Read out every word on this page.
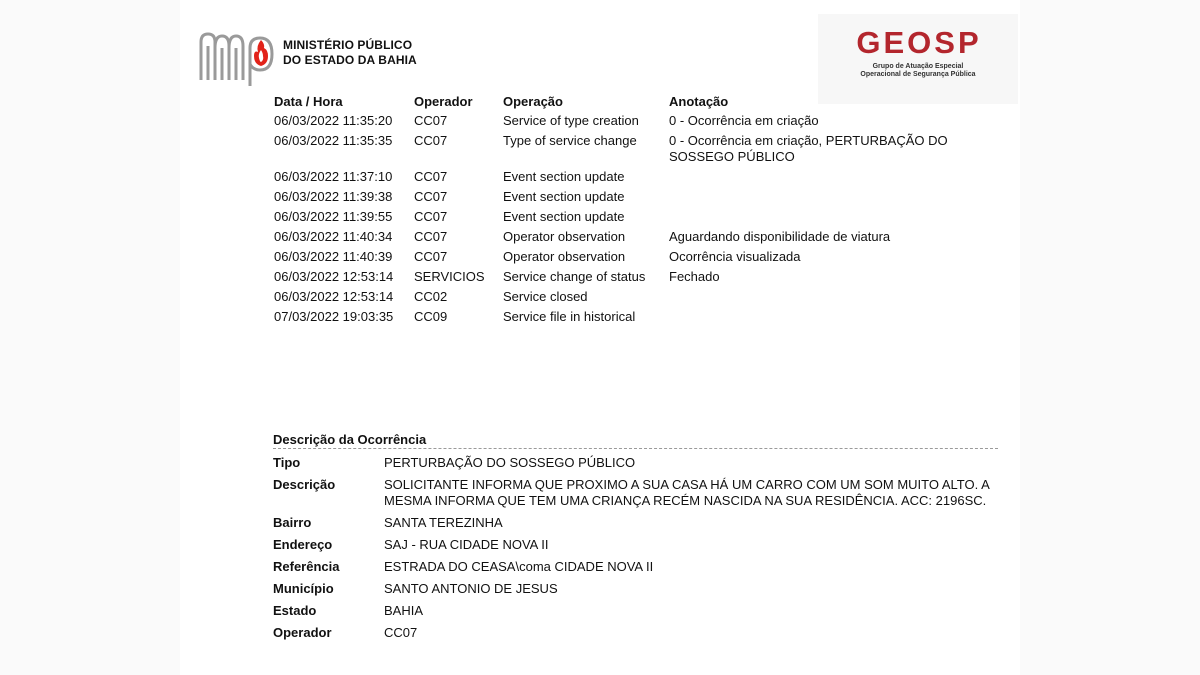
MINISTÉRIO PÚBLICO
DO ESTADO DA BAHIA	GEOSP
Grupo de Atuação Especial
Operacional de Segurança Pública
Data / Hora	Operador	Operação	Anotação
06/03/2022 11:35:20	CC07	Service of type creation	0 - Ocorrência em criação
06/03/2022 11:35:35	CC07	Type of service change	0 - Ocorrência em criação, PERTURBAÇÃO DO SOSSEGO PÚBLICO
06/03/2022 11:37:10	CC07	Event section update
06/03/2022 11:39:38	CC07	Event section update
06/03/2022 11:39:55	CC07	Event section update
06/03/2022 11:40:34	CC07	Operator observation	Aguardando disponibilidade de viatura
06/03/2022 11:40:39	CC07	Operator observation	Ocorrência visualizada
06/03/2022 12:53:14	SERVICIOS	Service change of status	Fechado
06/03/2022 12:53:14	CC02	Service closed
07/03/2022 19:03:35	CC09	Service file in historical
Descrição da Ocorrência
Tipo	PERTURBAÇÃO DO SOSSEGO PÚBLICO
Descrição	SOLICITANTE INFORMA QUE PROXIMO A SUA CASA HÁ UM CARRO COM UM SOM MUITO ALTO. A MESMA INFORMA QUE TEM UMA CRIANÇA RECÉM NASCIDA NA SUA RESIDÊNCIA. ACC: 2196SC.
Bairro	SANTA TEREZINHA
Endereço	SAJ - RUA CIDADE NOVA II
Referência	ESTRADA DO CEASA\coma CIDADE NOVA II
Município	SANTO ANTONIO DE JESUS
Estado	BAHIA
Operador	CC07
